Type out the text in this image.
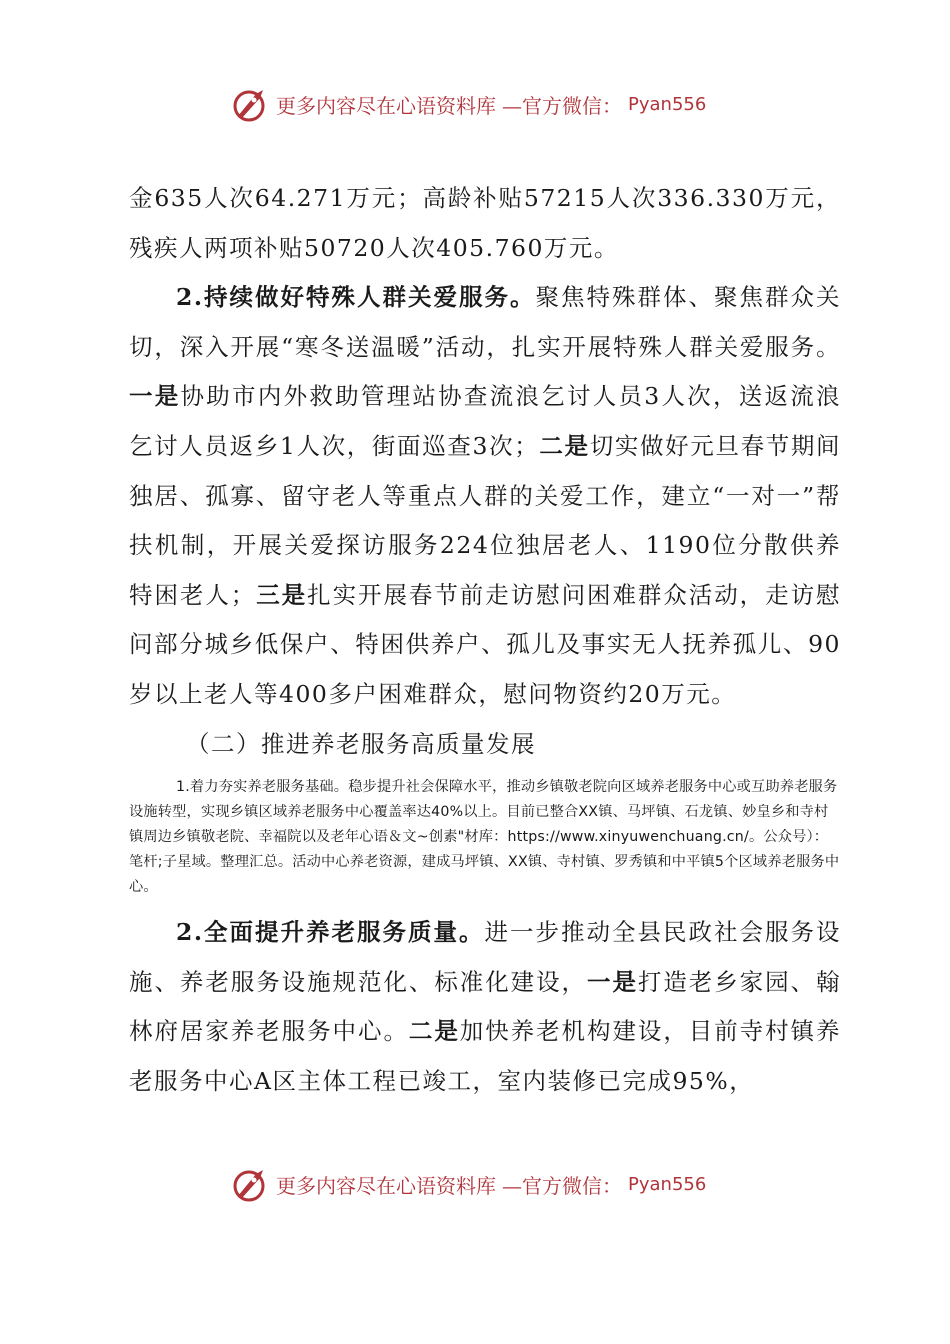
更多内容尽在心语资料库 —官方微信： Pyan556

金635人次64.271万元；高龄补贴57215人次336.330万元，残疾人两项补贴50720人次405.760万元。

2.持续做好特殊人群关爱服务。聚焦特殊群体、聚焦群众关切，深入开展“寒冬送温暖”活动，扎实开展特殊人群关爱服务。一是协助市内外救助管理站协查流浪乞讨人员3人次，送返流浪乞讨人员返乡1人次，街面巡查3次；二是切实做好元旦春节期间独居、孤寡、留守老人等重点人群的关爱工作，建立“一对一”帮扶机制，开展关爱探访服务224位独居老人、1190位分散供养特困老人；三是扎实开展春节前走访慰问困难群众活动，走访慰问部分城乡低保户、特困供养户、孤儿及事实无人抚养孤儿、90岁以上老人等400多户困难群众，慰问物资约20万元。

（二）推进养老服务高质量发展

1.着力夯实养老服务基础。稳步提升社会保障水平，推动乡镇敬老院向区域养老服务中心或互助养老服务设施转型，实现乡镇区域养老服务中心覆盖率达40%以上。目前已整合XX镇、马坪镇、石龙镇、妙皇乡和寺村镇周边乡镇敬老院、幸福院以及老年心语＆文~创素"材库：https://www.xinyuwenchuang.cn/。公众号）：笔杆;子星域。整理汇总。活动中心养老资源，建成马坪镇、XX镇、寺村镇、罗秀镇和中平镇5个区域养老服务中心。

2.全面提升养老服务质量。进一步推动全县民政社会服务设施、养老服务设施规范化、标准化建设，一是打造老乡家园、翰林府居家养老服务中心。二是加快养老机构建设，目前寺村镇养老服务中心A区主体工程已竣工，室内装修已完成95%，

更多内容尽在心语资料库 —官方微信： Pyan556
